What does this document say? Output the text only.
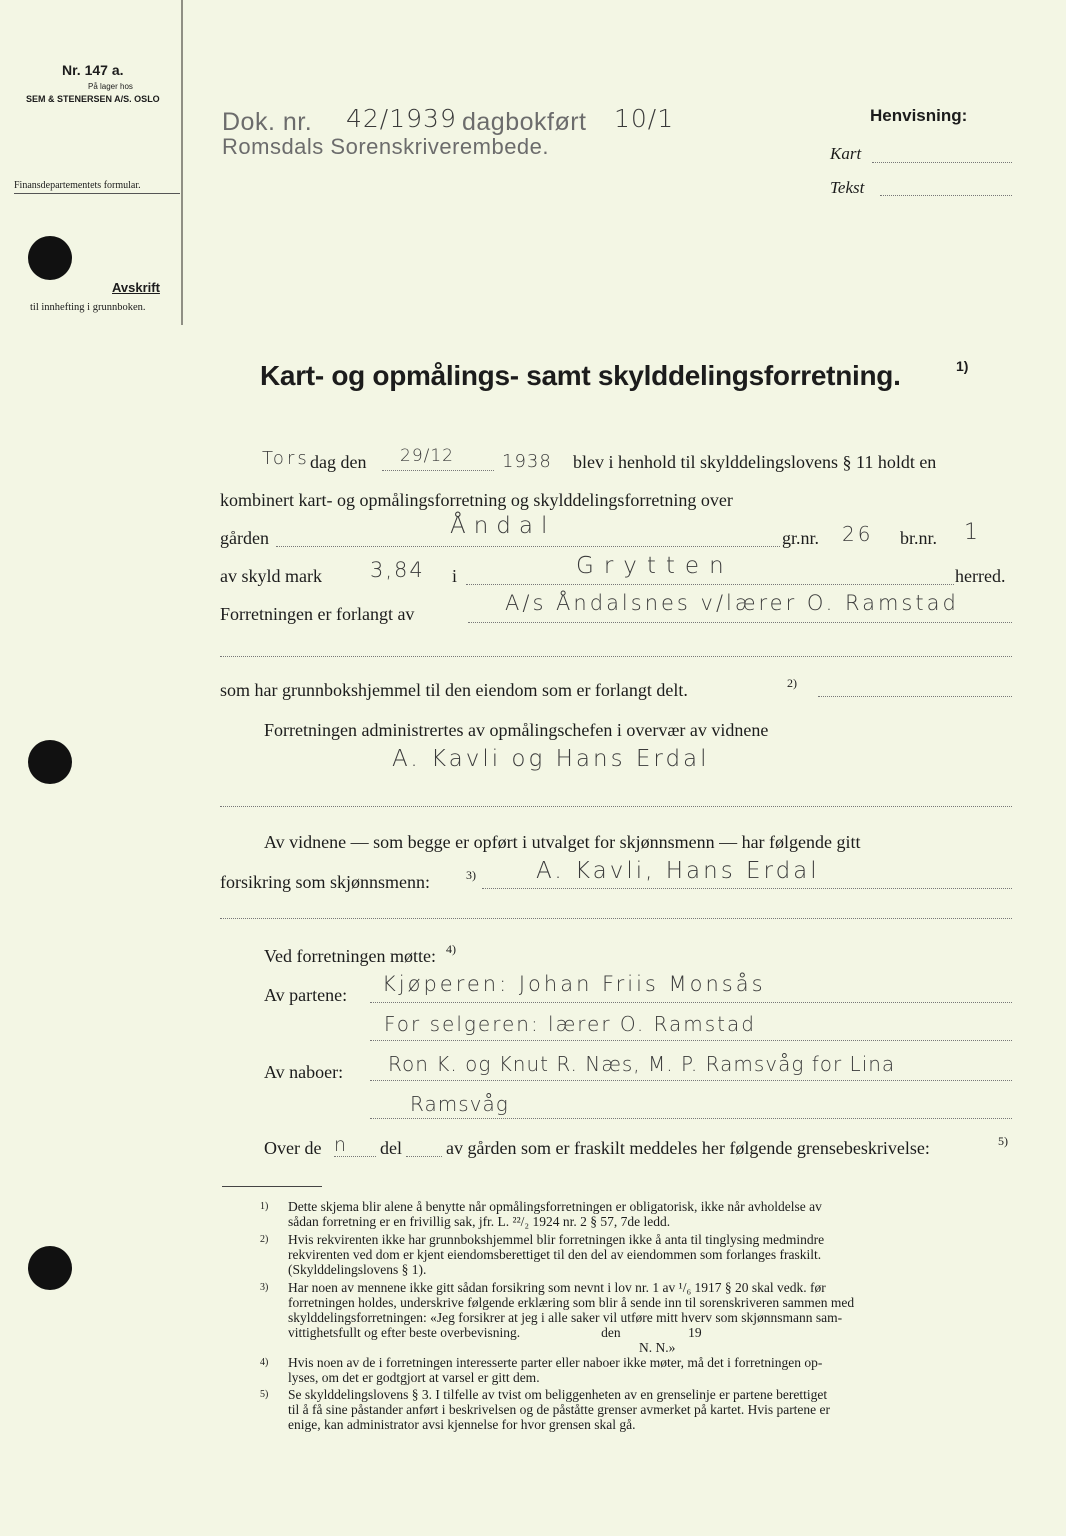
Nr. 147 a.
På lager hos
SEM & STENERSEN A/S. OSLO
Finansdepartementets formular.
Avskrift
til innhefting i grunnboken.
Dok. nr. 42/1939 dagbokført 10/1
Romsdals Sorenskriverembede.
Henvisning:
Kart
Tekst
Kart- og opmålings- samt skylddelingsforretning.	1)
Tors dag den 29/12	1938 blev i henhold til skylddelingslovens § 11 holdt en
kombinert kart- og opmålingsforretning og skylddelingsforretning over
gården	Åndal	gr.nr. 26 br.nr. 1
av skyld mark 3,84 i	Grytten	herred.
Forretningen er forlangt av	A/s Åndalsnes v/lærer O. Ramstad
som har grunnbokshjemmel til den eiendom som er forlangt delt.	2)
Forretningen administrertes av opmålingschefen i overvær av vidnene
A. Kavli og Hans Erdal
Av vidnene — som begge er opført i utvalget for skjønnsmenn — har følgende gitt
forsikring som skjønnsmenn:	3)	A. Kavli, Hans Erdal
Ved forretningen møtte: 4)
Av partene: Kjøperen: Johan Friis Monsås
For selgeren: lærer O. Ramstad
Av naboer: Ron K. og Knut R. Næs, M. P. Ramsvåg for Lina
Ramsvåg
Over de n del av gården som er fraskilt meddeles her følgende grensebeskrivelse:	5)
1) Dette skjema blir alene å benytte når opmålingsforretningen er obligatorisk, ikke når avholdelse av
sådan forretning er en frivillig sak, jfr. L. ²²/₂ 1924 nr. 2 § 57, 7de ledd.
2) Hvis rekvirenten ikke har grunnbokshjemmel blir forretningen ikke å anta til tinglysing medmindre
rekvirenten ved dom er kjent eiendomsberettiget til den del av eiendommen som forlanges fraskilt.
(Skylddelingslovens § 1).
3) Har noen av mennene ikke gitt sådan forsikring som nevnt i lov nr. 1 av ¹/₆ 1917 § 20 skal vedk. før
forretningen holdes, underskrive følgende erklæring som blir å sende inn til sorenskriveren sammen med
skylddelingsforretningen: «Jeg forsikrer at jeg i alle saker vil utføre mitt hverv som skjønnsmann sam-
vittighetsfullt og efter beste overbevisning.                        den                    19
N. N.»
4) Hvis noen av de i forretningen interesserte parter eller naboer ikke møter, må det i forretningen op-
lyses, om det er godtgjort at varsel er gitt dem.
5) Se skylddelingslovens § 3. I tilfelle av tvist om beliggenheten av en grenselinje er partene berettiget
til å få sine påstander anført i beskrivelsen og de påståtte grenser avmerket på kartet. Hvis partene er
enige, kan administrator avsi kjennelse for hvor grensen skal gå.
